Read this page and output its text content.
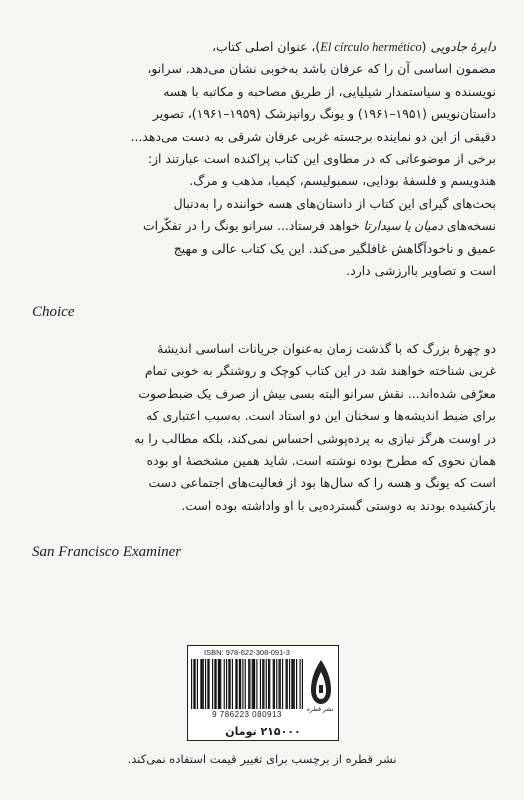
دایرهٔ جادویی (El círculo hermético)، عنوان اصلی کتاب،
مضمون اساسی آن را که عرفان باشد به‌خوبی نشان می‌دهد. سرانو،
نویسنده و سیاستمدار شیلیایی، از طریق مصاحبه و مکاتبه با هسه
داستان‌نویس (۱۹۵۱–۱۹۶۱) و یونگ روانپزشک (۱۹۵۹–۱۹۶۱)، تصویر
دقیقی از این دو نماینده برجسته غربی عرفان شرقی به دست می‌دهد...
برخی از موضوعاتی که در مطاوی این کتاب پراکنده است عبارتند از:
هندویسم و فلسفهٔ بودایی، سمبولیسم، کیمیا، مذهب و مرگ.
بحث‌های گیرای این کتاب از داستان‌های هسه خواننده را به‌دنبال
نسخه‌های دمیان یا سیدارتا خواهد فرستاد... سرانو یونگ را در تفکّرات
عمیق و ناخودآگاهش غافلگیر می‌کند. این یک کتاب عالی و مهیج
است و تصاویر باارزشی دارد.
Choice
دو چهرهٔ بزرگ که با گذشت زمان به‌عنوان جریانات اساسی اندیشهٔ
غربی شناخته خواهند شد در این کتاب کوچک و روشنگر به خوبی تمام
معرّفی شده‌اند... نقش سرانو البته بسی بیش از صرف یک ضبط‌صوت
برای ضبط اندیشه‌ها و سخنان این دو استاد است. به‌سبب اعتباری که
در اوست هرگز نیازی به پرده‌پوشی احساس نمی‌کند، بلکه مطالب را به
همان نحوی که مطرح بوده نوشته است. شاید همین مشخصهٔ او بوده
است که یونگ و هسه را که سال‌ها بود از فعالیت‌های اجتماعی دست
بازکشیده بودند به دوستی گسترده‌یی با او واداشته بوده است.
San Francisco Examiner
ISBN: 978-622-308-091-3
9 786223 080913
نشر قطره
۲۱۵۰۰۰ تومان
نشر قطره از برچسب برای تغییر قیمت استفاده نمی‌کند.
